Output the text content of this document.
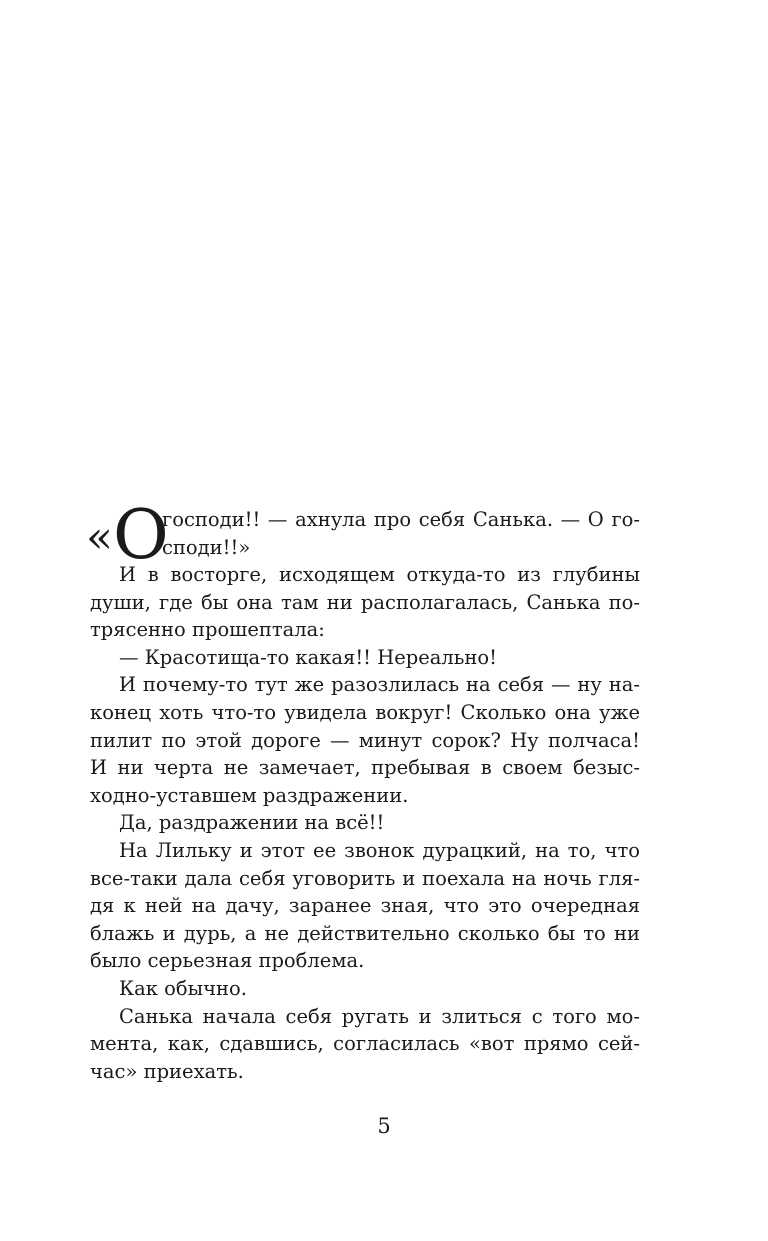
« О
господи!! — ахнула про себя Санька. — О го-
споди!!»
И в восторге, исходящем откуда-то из глубины
души, где бы она там ни располагалась, Санька по-
трясенно прошептала:
— Красотища-то какая!! Нереально!
И почему-то тут же разозлилась на себя — ну на-
конец хоть что-то увидела вокруг! Сколько она уже
пилит по этой дороге — минут сорок? Ну полчаса!
И ни черта не замечает, пребывая в своем безыс-
ходно-уставшем раздражении.
Да, раздражении на всё!!
На Лильку и этот ее звонок дурацкий, на то, что
все-таки дала себя уговорить и поехала на ночь гля-
дя к ней на дачу, заранее зная, что это очередная
блажь и дурь, а не действительно сколько бы то ни
было серьезная проблема.
Как обычно.
Санька начала себя ругать и злиться с того мо-
мента, как, сдавшись, согласилась «вот прямо сей-
час» приехать.
5
